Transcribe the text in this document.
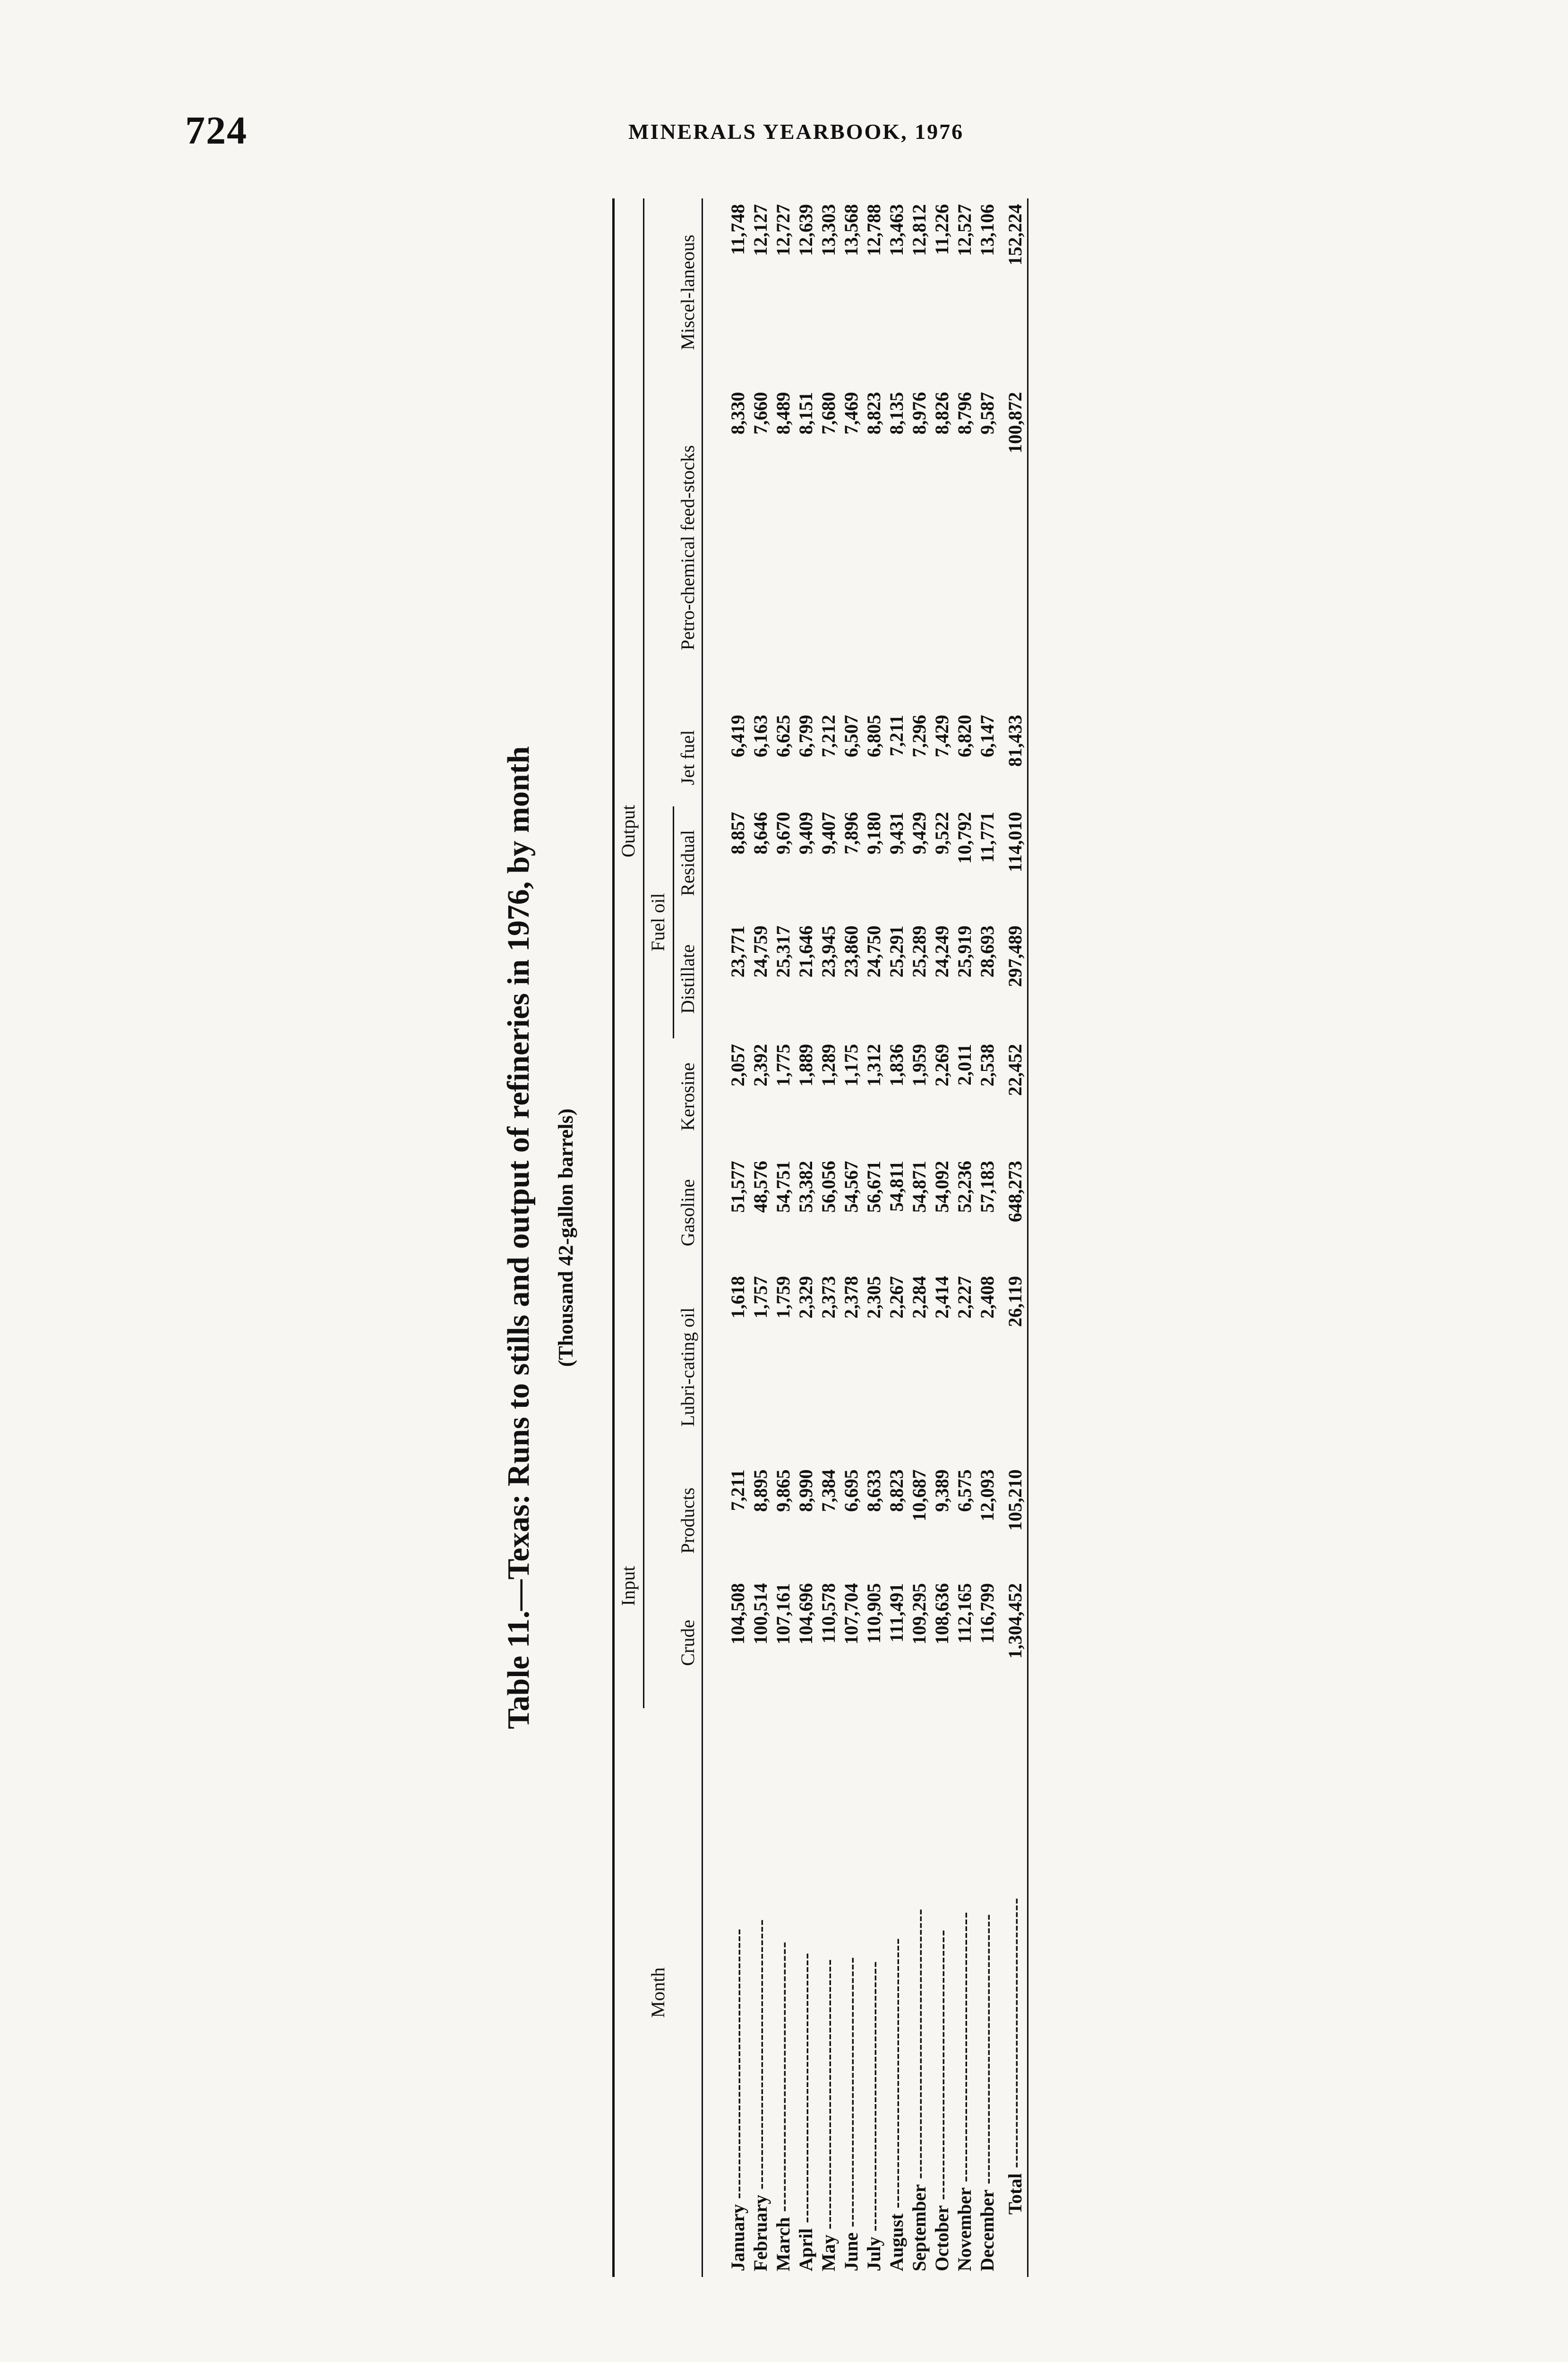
724	MINERALS YEARBOOK, 1976
Table 11.—Texas: Runs to stills and output of refineries in 1976, by month (Thousand 42-gallon barrels)
Month	Input		Output							
	Crude	Products	Lubri-cating oil	Gasoline	Kerosine	Fuel oil		Jet fuel	Petro-chemical feed-stocks	Miscel-laneous
						Distillate	Residual			
January ----------------------------------------	104,508	7,211	1,618	51,577	2,057	23,771	8,857	6,419	8,330	11,748
February ----------------------------------------	100,514	8,895	1,757	48,576	2,392	24,759	8,646	6,163	7,660	12,127
March ----------------------------------------	107,161	9,865	1,759	54,751	1,775	25,317	9,670	6,625	8,489	12,727
April ----------------------------------------	104,696	8,990	2,329	53,382	1,889	21,646	9,409	6,799	8,151	12,639
May ----------------------------------------	110,578	7,384	2,373	56,056	1,289	23,945	9,407	7,212	7,680	13,303
June ----------------------------------------	107,704	6,695	2,378	54,567	1,175	23,860	7,896	6,507	7,469	13,568
July ----------------------------------------	110,905	8,633	2,305	56,671	1,312	24,750	9,180	6,805	8,823	12,788
August ----------------------------------------	111,491	8,823	2,267	54,811	1,836	25,291	9,431	7,211	8,135	13,463
September ----------------------------------------	109,295	10,687	2,284	54,871	1,959	25,289	9,429	7,296	8,976	12,812
October ----------------------------------------	108,636	9,389	2,414	54,092	2,269	24,249	9,522	7,429	8,826	11,226
November ----------------------------------------	112,165	6,575	2,227	52,236	2,011	25,919	10,792	6,820	8,796	12,527
December ----------------------------------------	116,799	12,093	2,408	57,183	2,538	28,693	11,771	6,147	9,587	13,106
Total ----------------------------------------	1,304,452	105,210	26,119	648,273	22,452	297,489	114,010	81,433	100,872	152,224
